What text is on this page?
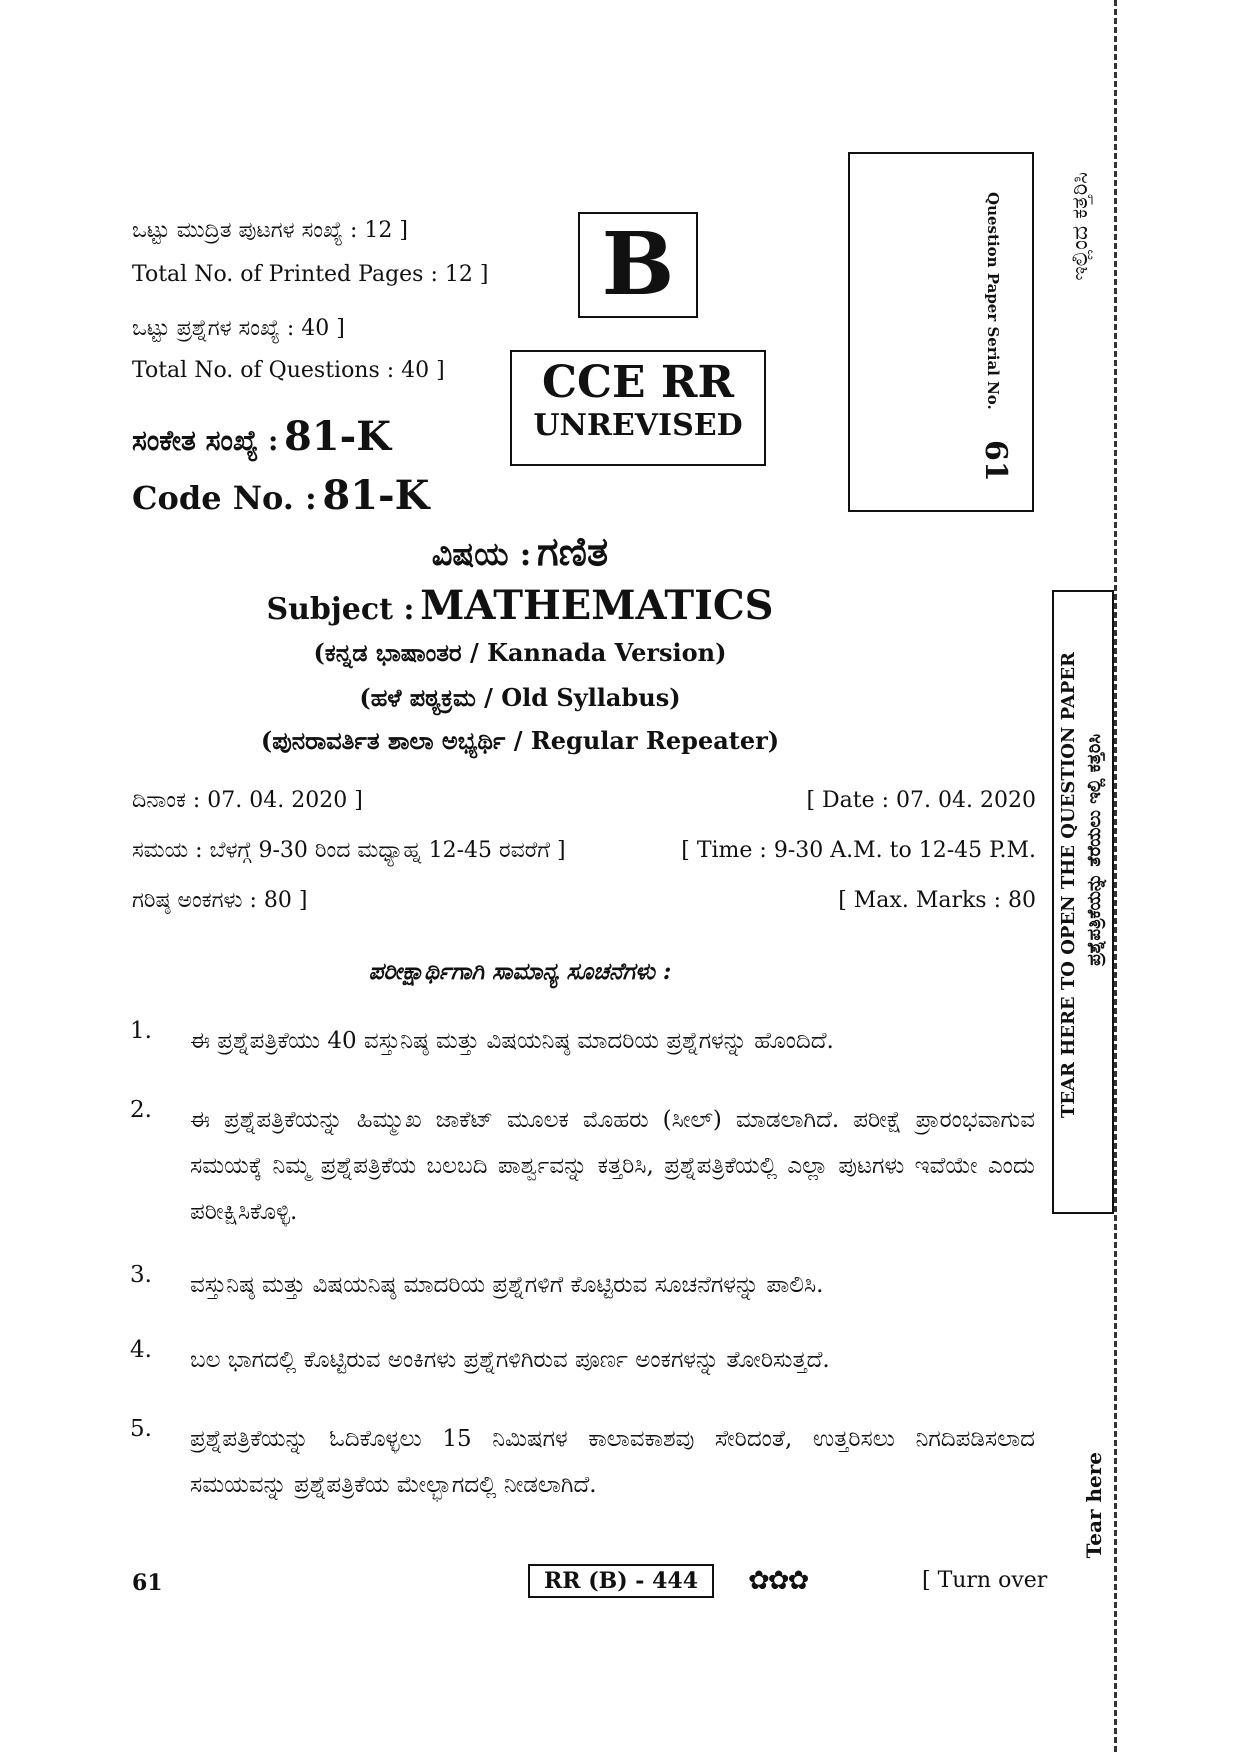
ಒಟ್ಟು ಮುದ್ರಿತ ಪುಟಗಳ ಸಂಖ್ಯೆ : 12 ]
Total No. of Printed Pages : 12 ]
ಒಟ್ಟು ಪ್ರಶ್ನೆಗಳ ಸಂಖ್ಯೆ : 40 ]
Total No. of Questions : 40 ]
ಸಂಕೇತ ಸಂಖ್ಯೆ : 81-K
Code No. : 81-K
B
CCE RR
UNREVISED
Question Paper Serial No.
61
ವಿಷಯ : ಗಣಿತ
Subject : MATHEMATICS
(ಕನ್ನಡ ಭಾಷಾಂತರ / Kannada Version)
(ಹಳೆ ಪಠ್ಯಕ್ರಮ / Old Syllabus)
(ಪುನರಾವರ್ತಿತ ಶಾಲಾ ಅಭ್ಯರ್ಥಿ / Regular Repeater)
ದಿನಾಂಕ : 07. 04. 2020 ]	[ Date : 07. 04. 2020
ಸಮಯ : ಬೆಳಗ್ಗೆ 9-30 ರಿಂದ ಮಧ್ಯಾಹ್ನ 12-45 ರವರೆಗೆ ]	[ Time : 9-30 A.M. to 12-45 P.M.
ಗರಿಷ್ಠ ಅಂಕಗಳು : 80 ]	[ Max. Marks : 80
ಪರೀಕ್ಷಾರ್ಥಿಗಾಗಿ ಸಾಮಾನ್ಯ ಸೂಚನೆಗಳು :
1. ಈ ಪ್ರಶ್ನೆಪತ್ರಿಕೆಯು 40 ವಸ್ತುನಿಷ್ಠ ಮತ್ತು ವಿಷಯನಿಷ್ಠ ಮಾದರಿಯ ಪ್ರಶ್ನೆಗಳನ್ನು ಹೊಂದಿದೆ.
2. ಈ ಪ್ರಶ್ನೆಪತ್ರಿಕೆಯನ್ನು ಹಿಮ್ಮುಖ ಜಾಕೆಟ್ ಮೂಲಕ ಮೊಹರು (ಸೀಲ್) ಮಾಡಲಾಗಿದೆ. ಪರೀಕ್ಷೆ ಪ್ರಾರಂಭವಾಗುವ ಸಮಯಕ್ಕೆ ನಿಮ್ಮ ಪ್ರಶ್ನೆಪತ್ರಿಕೆಯ ಬಲಬದಿ ಪಾರ್ಶ್ವವನ್ನು ಕತ್ತರಿಸಿ, ಪ್ರಶ್ನೆಪತ್ರಿಕೆಯಲ್ಲಿ ಎಲ್ಲಾ ಪುಟಗಳು ಇವೆಯೇ ಎಂದು ಪರೀಕ್ಷಿಸಿಕೊಳ್ಳಿ.
3. ವಸ್ತುನಿಷ್ಠ ಮತ್ತು ವಿಷಯನಿಷ್ಠ ಮಾದರಿಯ ಪ್ರಶ್ನೆಗಳಿಗೆ ಕೊಟ್ಟಿರುವ ಸೂಚನೆಗಳನ್ನು ಪಾಲಿಸಿ.
4. ಬಲ ಭಾಗದಲ್ಲಿ ಕೊಟ್ಟಿರುವ ಅಂಕಿಗಳು ಪ್ರಶ್ನೆಗಳಿಗಿರುವ ಪೂರ್ಣ ಅಂಕಗಳನ್ನು ತೋರಿಸುತ್ತದೆ.
5. ಪ್ರಶ್ನೆಪತ್ರಿಕೆಯನ್ನು ಓದಿಕೊಳ್ಳಲು 15 ನಿಮಿಷಗಳ ಕಾಲಾವಕಾಶವು ಸೇರಿದಂತೆ, ಉತ್ತರಿಸಲು ನಿಗದಿಪಡಿಸಲಾದ ಸಮಯವನ್ನು ಪ್ರಶ್ನೆಪತ್ರಿಕೆಯ ಮೇಲ್ಭಾಗದಲ್ಲಿ ನೀಡಲಾಗಿದೆ.
61	RR (B) - 444	✿✿✿	[ Turn over
ಇಲ್ಲಿಂದ ಕತ್ತರಿಸಿ
TEAR HERE TO OPEN THE QUESTION PAPER ಪ್ರಶ್ನೆಪತ್ರಿಕೆಯನ್ನು ತೆರೆಯಲು ಇಲ್ಲಿ ಕತ್ತರಿಸಿ
Tear here
